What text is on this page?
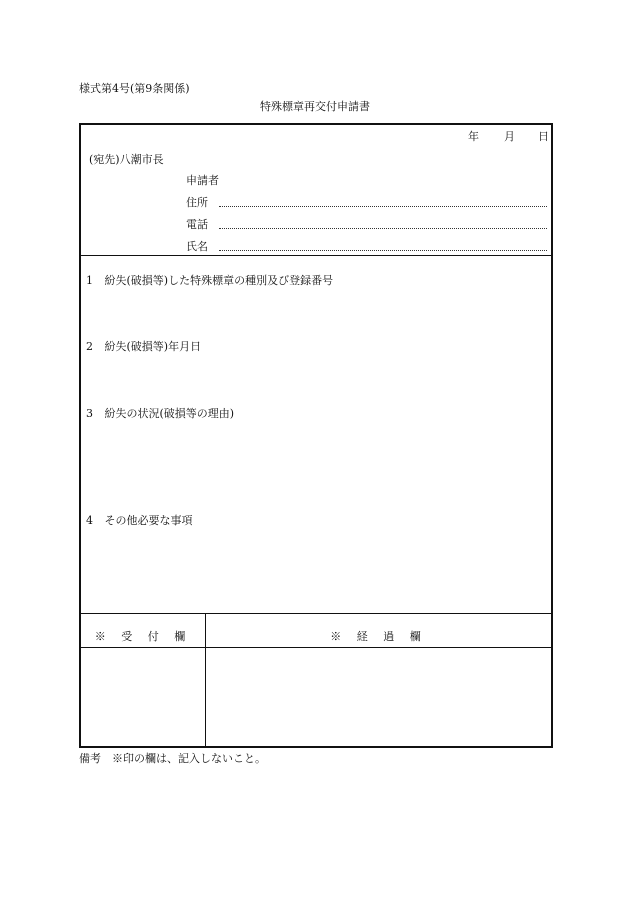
様式第4号(第9条関係)
特殊標章再交付申請書
年 月 日
(宛先)八潮市長
申請者
住所
電話
氏名
1 紛失(破損等)した特殊標章の種別及び登録番号
2 紛失(破損等)年月日
3 紛失の状況(破損等の理由)
4 その他必要な事項
※ 受 付 欄	※ 経 過 欄
備考　※印の欄は、記入しないこと。
